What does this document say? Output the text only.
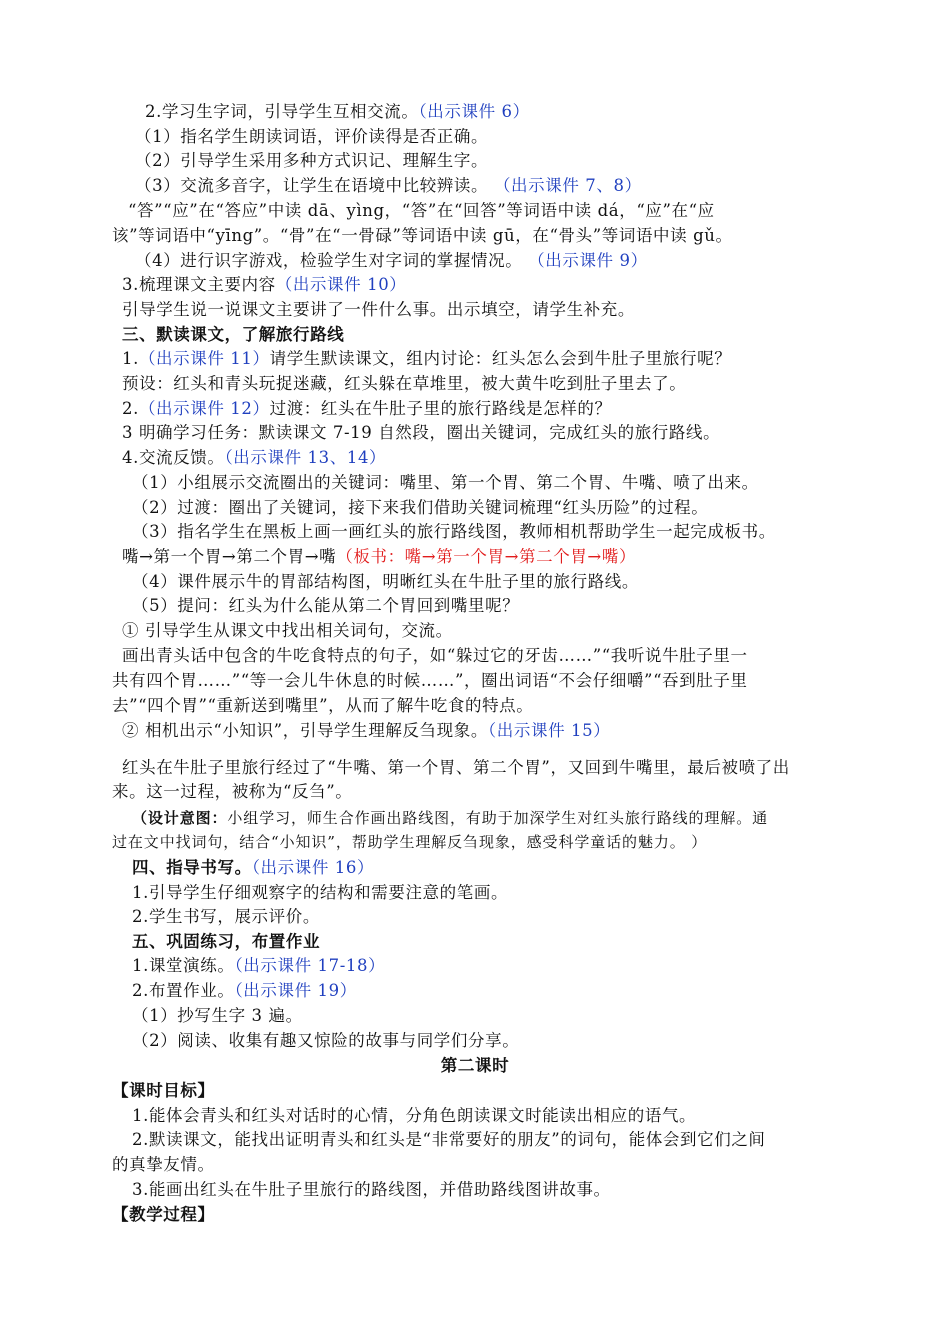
2.学习生字词，引导学生互相交流。（出示课件 6）
（1）指名学生朗读词语，评价读得是否正确。
（2）引导学生采用多种方式识记、理解生字。
（3）交流多音字，让学生在语境中比较辨读。 （出示课件 7、8）
“答”“应”在“答应”中读 dā、yìng，“答”在“回答”等词语中读 dá，“应”在“应
该”等词语中“yīng”。“骨”在“一骨碌”等词语中读 gū，在“骨头”等词语中读 gǔ。
（4）进行识字游戏，检验学生对字词的掌握情况。 （出示课件 9）
3.梳理课文主要内容（出示课件 10）
引导学生说一说课文主要讲了一件什么事。出示填空，请学生补充。
三、默读课文，了解旅行路线
1.（出示课件 11）请学生默读课文，组内讨论：红头怎么会到牛肚子里旅行呢？
预设：红头和青头玩捉迷藏，红头躲在草堆里，被大黄牛吃到肚子里去了。
2.（出示课件 12）过渡：红头在牛肚子里的旅行路线是怎样的？
3 明确学习任务：默读课文 7-19 自然段，圈出关键词，完成红头的旅行路线。
4.交流反馈。（出示课件 13、14）
（1）小组展示交流圈出的关键词：嘴里、第一个胃、第二个胃、牛嘴、喷了出来。
（2）过渡：圈出了关键词，接下来我们借助关键词梳理“红头历险”的过程。
（3）指名学生在黑板上画一画红头的旅行路线图，教师相机帮助学生一起完成板书。
嘴→第一个胃→第二个胃→嘴（板书：嘴→第一个胃→第二个胃→嘴）
（4）课件展示牛的胃部结构图，明晰红头在牛肚子里的旅行路线。
（5）提问：红头为什么能从第二个胃回到嘴里呢？
① 引导学生从课文中找出相关词句，交流。
画出青头话中包含的牛吃食特点的句子，如“躲过它的牙齿……”“我听说牛肚子里一
共有四个胃……”“等一会儿牛休息的时候……”，圈出词语“不会仔细嚼”“吞到肚子里
去”“四个胃”“重新送到嘴里”，从而了解牛吃食的特点。
② 相机出示“小知识”，引导学生理解反刍现象。（出示课件 15）
红头在牛肚子里旅行经过了“牛嘴、第一个胃、第二个胃”，又回到牛嘴里，最后被喷了出
来。这一过程，被称为“反刍”。
（设计意图：小组学习，师生合作画出路线图，有助于加深学生对红头旅行路线的理解。通
过在文中找词句，结合“小知识”，帮助学生理解反刍现象，感受科学童话的魅力。 ）
四、指导书写。（出示课件 16）
1.引导学生仔细观察字的结构和需要注意的笔画。
2.学生书写，展示评价。
五、巩固练习，布置作业
1.课堂演练。（出示课件 17-18）
2.布置作业。（出示课件 19）
（1）抄写生字 3 遍。
（2）阅读、收集有趣又惊险的故事与同学们分享。
第二课时
【课时目标】
1.能体会青头和红头对话时的心情，分角色朗读课文时能读出相应的语气。
2.默读课文，能找出证明青头和红头是“非常要好的朋友”的词句，能体会到它们之间
的真挚友情。
3.能画出红头在牛肚子里旅行的路线图，并借助路线图讲故事。
【教学过程】
